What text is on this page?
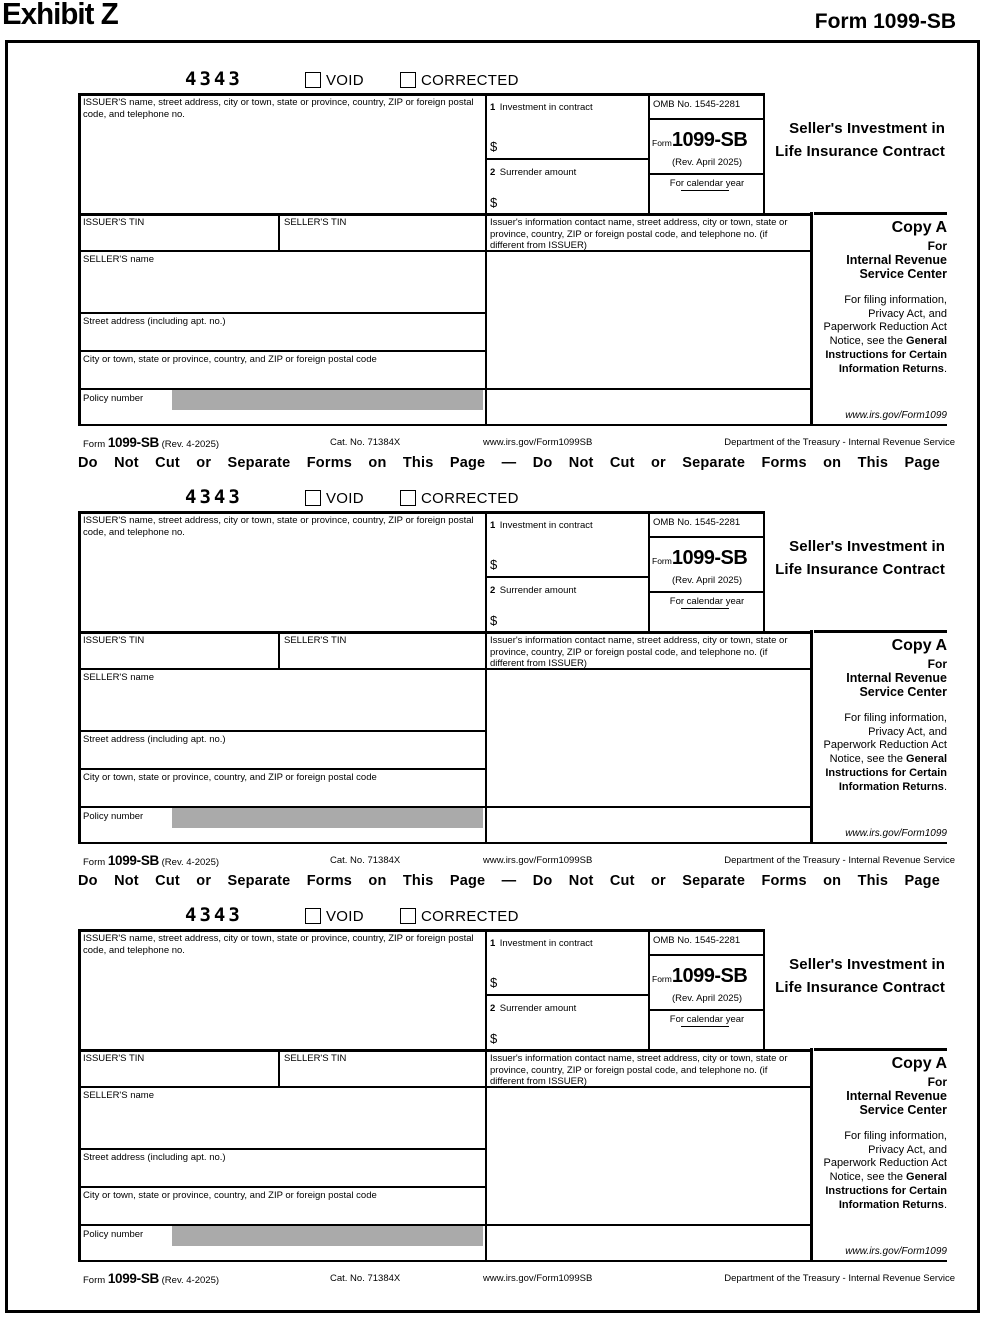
Exhibit Z	Form 1099-SB
4343	VOID	CORRECTED
ISSUER'S name, street address, city or town, state or province, country, ZIP or foreign postal code, and telephone no.
1 Investment in contract
$
2 Surrender amount
$
OMB No. 1545-2281
Form1099-SB
(Rev. April 2025)
For calendar year
ISSUER'S TIN	SELLER'S TIN
SELLER'S name
Street address (including apt. no.)
City or town, state or province, country, and ZIP or foreign postal code
Policy number
Issuer's information contact name, street address, city or town, state or province, country, ZIP or foreign postal code, and telephone no. (if different from ISSUER)
Copy A
For
Internal Revenue Service Center
For filing information, Privacy Act, and Paperwork Reduction Act Notice, see the General Instructions for Certain Information Returns.
www.irs.gov/Form1099
Seller's Investment in Life Insurance Contract
Form 1099-SB (Rev. 4-2025)	Cat. No. 71384X	www.irs.gov/Form1099SB	Department of the Treasury - Internal Revenue Service
Do Not Cut or Separate Forms on This Page — Do Not Cut or Separate Forms on This Page
4343	VOID	CORRECTED
ISSUER'S name, street address, city or town, state or province, country, ZIP or foreign postal code, and telephone no.
1 Investment in contract
$
2 Surrender amount
$
OMB No. 1545-2281
Form1099-SB
(Rev. April 2025)
For calendar year
ISSUER'S TIN	SELLER'S TIN
SELLER'S name
Street address (including apt. no.)
City or town, state or province, country, and ZIP or foreign postal code
Policy number
Issuer's information contact name, street address, city or town, state or province, country, ZIP or foreign postal code, and telephone no. (if different from ISSUER)
Copy A
For
Internal Revenue Service Center
For filing information, Privacy Act, and Paperwork Reduction Act Notice, see the General Instructions for Certain Information Returns.
www.irs.gov/Form1099
Seller's Investment in Life Insurance Contract
Form 1099-SB (Rev. 4-2025)	Cat. No. 71384X	www.irs.gov/Form1099SB	Department of the Treasury - Internal Revenue Service
Do Not Cut or Separate Forms on This Page — Do Not Cut or Separate Forms on This Page
4343	VOID	CORRECTED
ISSUER'S name, street address, city or town, state or province, country, ZIP or foreign postal code, and telephone no.
1 Investment in contract
$
2 Surrender amount
$
OMB No. 1545-2281
Form1099-SB
(Rev. April 2025)
For calendar year
ISSUER'S TIN	SELLER'S TIN
SELLER'S name
Street address (including apt. no.)
City or town, state or province, country, and ZIP or foreign postal code
Policy number
Issuer's information contact name, street address, city or town, state or province, country, ZIP or foreign postal code, and telephone no. (if different from ISSUER)
Copy A
For
Internal Revenue Service Center
For filing information, Privacy Act, and Paperwork Reduction Act Notice, see the General Instructions for Certain Information Returns.
www.irs.gov/Form1099
Seller's Investment in Life Insurance Contract
Form 1099-SB (Rev. 4-2025)	Cat. No. 71384X	www.irs.gov/Form1099SB	Department of the Treasury - Internal Revenue Service
